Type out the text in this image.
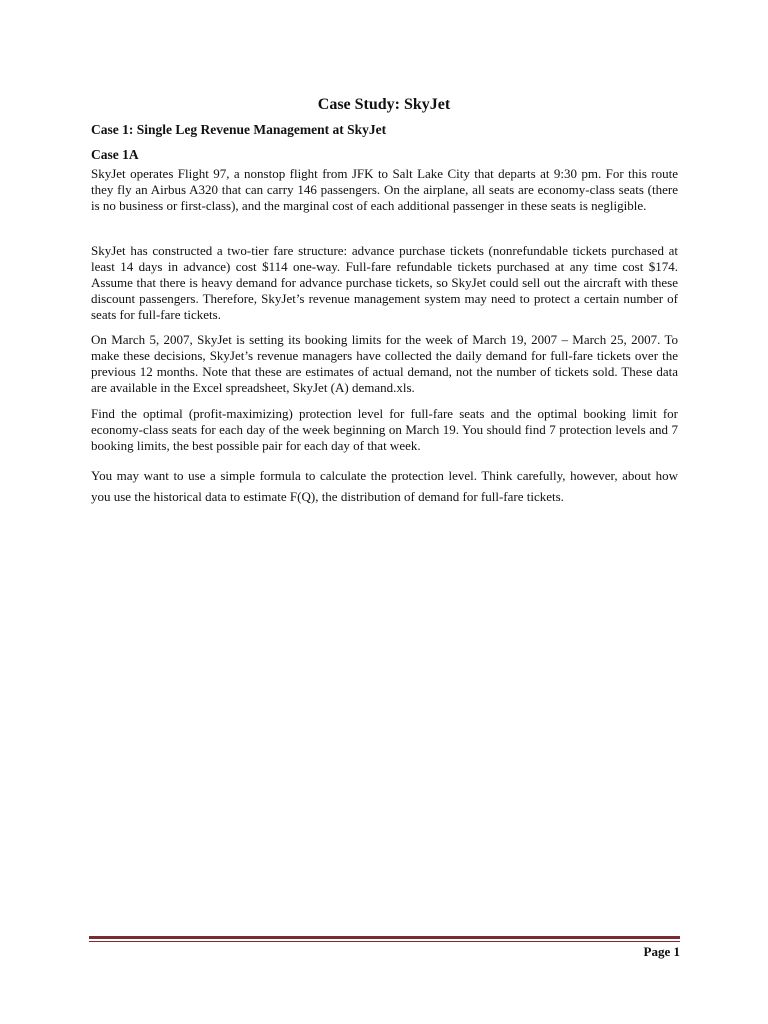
Case Study: SkyJet
Case 1: Single Leg Revenue Management at SkyJet
Case 1A

SkyJet operates Flight 97, a nonstop flight from JFK to Salt Lake City that departs at 9:30 pm. For this route they fly an Airbus A320 that can carry 146 passengers. On the airplane, all seats are economy-class seats (there is no business or first-class), and the marginal cost of each additional passenger in these seats is negligible.

SkyJet has constructed a two-tier fare structure: advance purchase tickets (nonrefundable tickets purchased at least 14 days in advance) cost $114 one-way. Full-fare refundable tickets purchased at any time cost $174. Assume that there is heavy demand for advance purchase tickets, so SkyJet could sell out the aircraft with these discount passengers. Therefore, SkyJet’s revenue management system may need to protect a certain number of seats for full-fare tickets.

On March 5, 2007, SkyJet is setting its booking limits for the week of March 19, 2007 – March 25, 2007. To make these decisions, SkyJet’s revenue managers have collected the daily demand for full-fare tickets over the previous 12 months. Note that these are estimates of actual demand, not the number of tickets sold. These data are available in the Excel spreadsheet, SkyJet (A) demand.xls.

Find the optimal (profit-maximizing) protection level for full-fare seats and the optimal booking limit for economy-class seats for each day of the week beginning on March 19. You should find 7 protection levels and 7 booking limits, the best possible pair for each day of that week.

You may want to use a simple formula to calculate the protection level. Think carefully, however, about how you use the historical data to estimate F(Q), the distribution of demand for full-fare tickets.

Page 1
